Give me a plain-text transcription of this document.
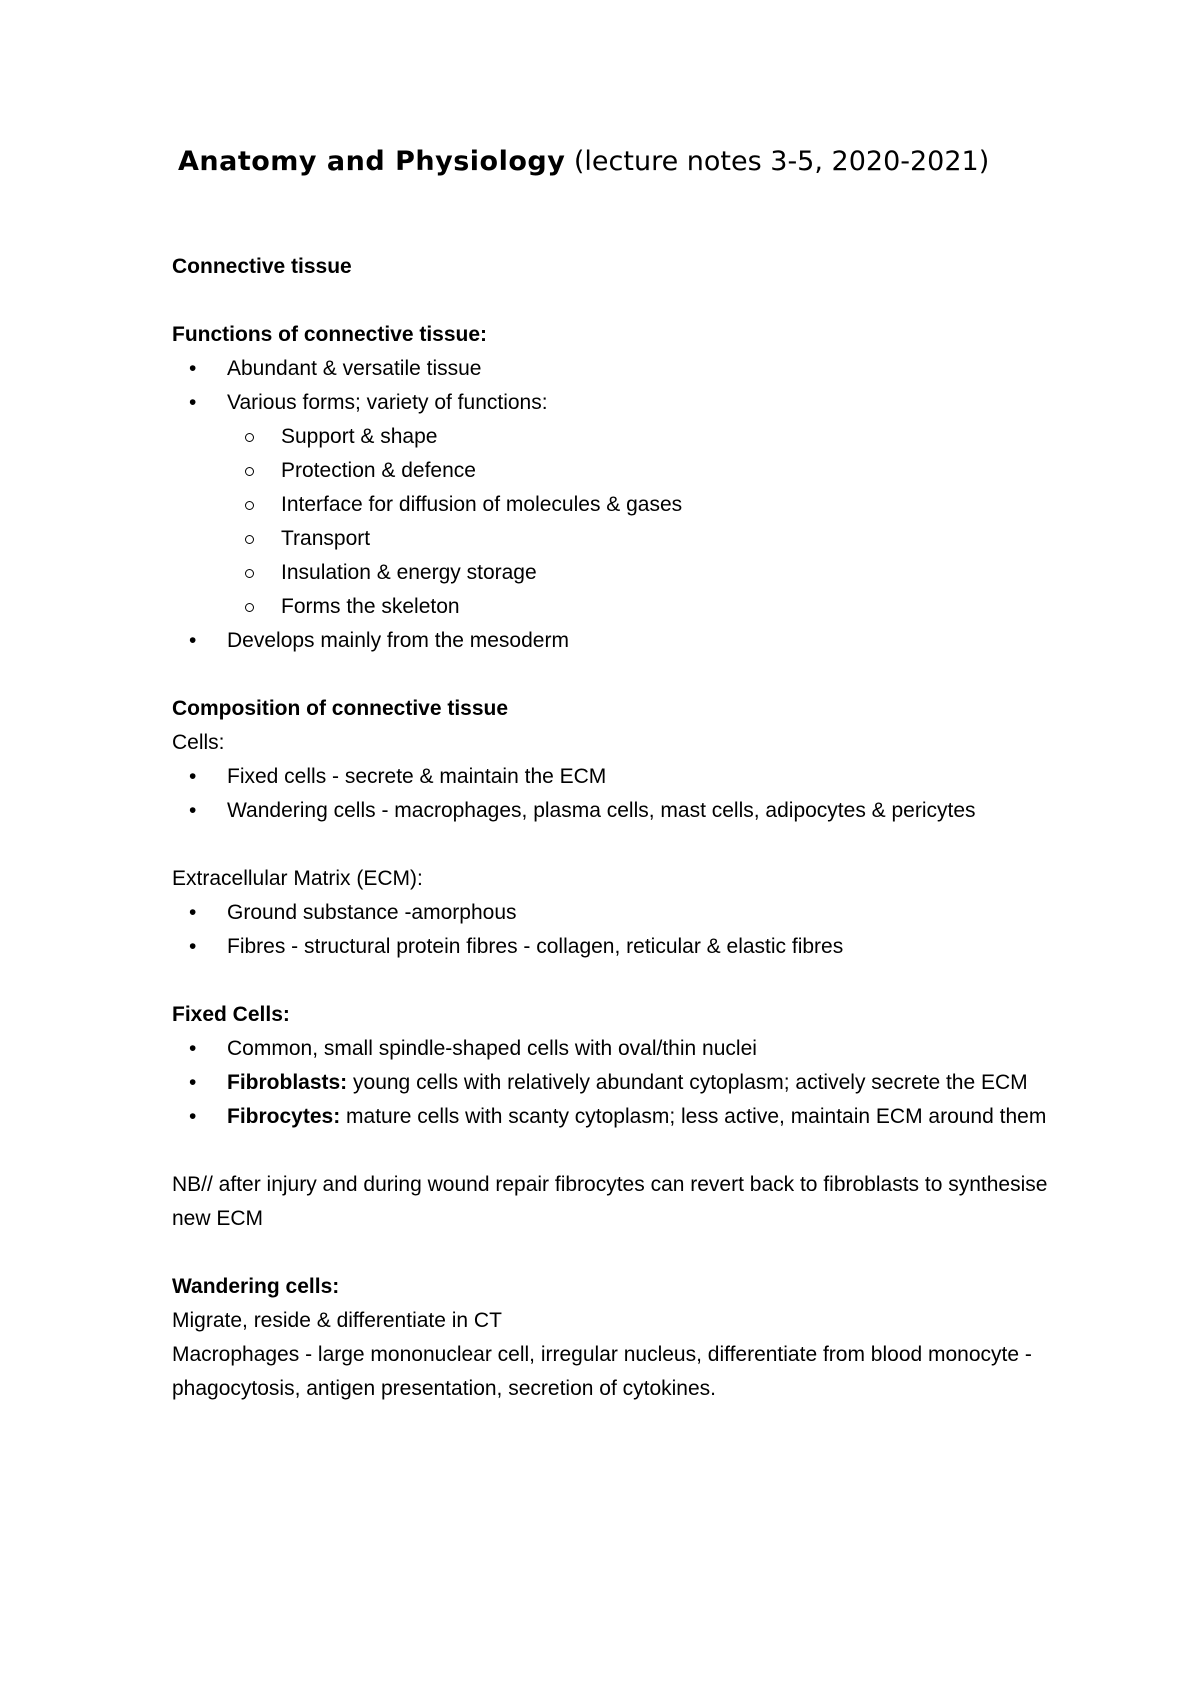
Anatomy and Physiology (lecture notes 3-5, 2020-2021)

Connective tissue

Functions of connective tissue:

• Abundant & versatile tissue
• Various forms; variety of functions:
Support & shape
Protection & defence
Interface for diffusion of molecules & gases
Transport
Insulation & energy storage
Forms the skeleton
• Develops mainly from the mesoderm

Composition of connective tissue

Cells:

• Fixed cells - secrete & maintain the ECM
• Wandering cells - macrophages, plasma cells, mast cells, adipocytes & pericytes

Extracellular Matrix (ECM):

• Ground substance -amorphous
• Fibres - structural protein fibres - collagen, reticular & elastic fibres

Fixed Cells:

• Common, small spindle-shaped cells with oval/thin nuclei
• Fibroblasts: young cells with relatively abundant cytoplasm; actively secrete the ECM
• Fibrocytes: mature cells with scanty cytoplasm; less active, maintain ECM around them

NB// after injury and during wound repair fibrocytes can revert back to fibroblasts to synthesise new ECM

Wandering cells:

Migrate, reside & differentiate in CT

Macrophages - large mononuclear cell, irregular nucleus, differentiate from blood monocyte - phagocytosis, antigen presentation, secretion of cytokines.
